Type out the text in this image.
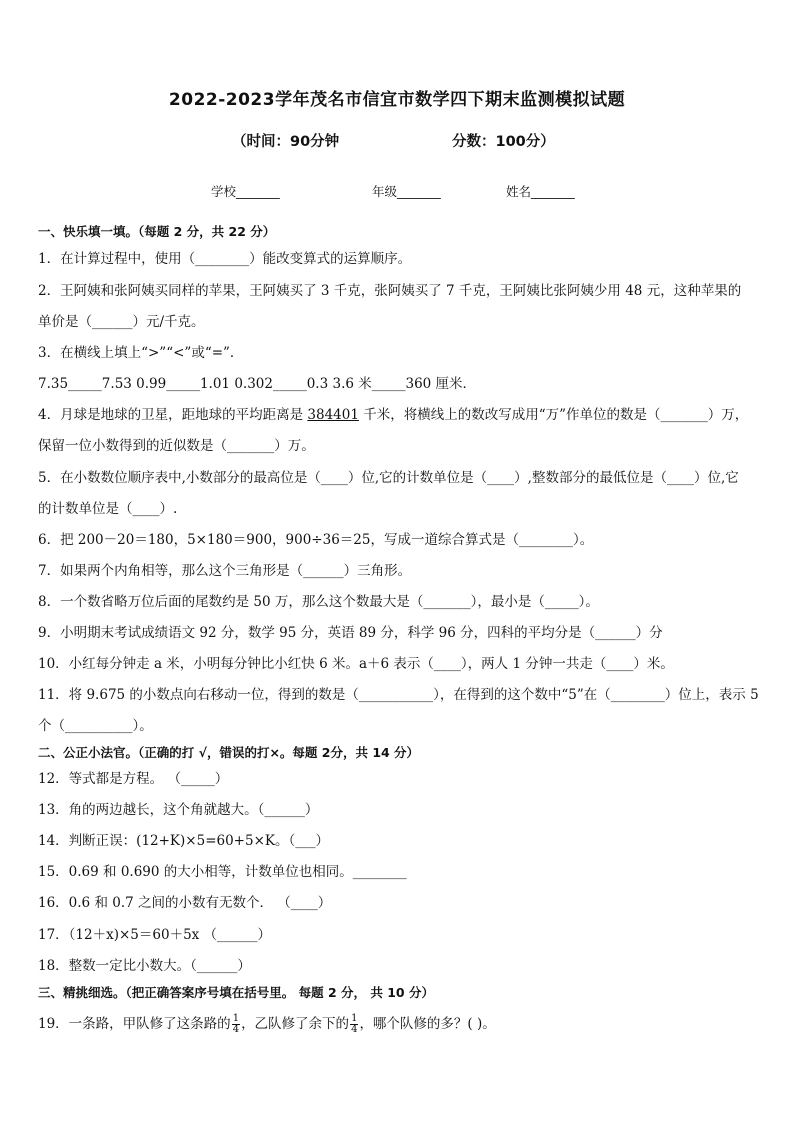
2022-2023学年茂名市信宜市数学四下期末监测模拟试题
（时间：90分钟	分数：100分）
学校_______	年级_______	姓名_______
一、快乐填一填。（每题 2 分，共 22 分）
1．在计算过程中，使用（________）能改变算式的运算顺序。
2．王阿姨和张阿姨买同样的苹果，王阿姨买了 3 千克，张阿姨买了 7 千克，王阿姨比张阿姨少用 48 元，这种苹果的
单价是（______）元/千克。
3．在横线上填上“>”“<”或“=”．
7.35_____7.53 0.99_____1.01 0.302_____0.3 3.6 米_____360 厘米．
4．月球是地球的卫星，距地球的平均距离是 384401 千米，将横线上的数改写成用“万”作单位的数是（_______）万，
保留一位小数得到的近似数是（_______）万。
5．在小数数位顺序表中,小数部分的最高位是（____）位,它的计数单位是（____）,整数部分的最低位是（____）位,它
的计数单位是（____）.
6．把 200－20＝180，5×180＝900，900÷36＝25，写成一道综合算式是（________）。
7．如果两个内角相等，那么这个三角形是（______）三角形。
8．一个数省略万位后面的尾数约是 50 万，那么这个数最大是（_______），最小是（_____）。
9．小明期末考试成绩语文 92 分，数学 95 分，英语 89 分，科学 96 分，四科的平均分是（______）分
10．小红每分钟走 a 米，小明每分钟比小红快 6 米。a＋6 表示（____），两人 1 分钟一共走（____）米。
11．将 9.675 的小数点向右移动一位，得到的数是（___________），在得到的这个数中“5”在（________）位上，表示 5
个（__________）。
二、公正小法官。（正确的打 √，错误的打×。每题 2分，共 14 分）
12．等式都是方程。 （_____）
13．角的两边越长，这个角就越大。（______）
14．判断正误：(12+K)×5=60+5×K。（___）
15．0.69 和 0.690 的大小相等，计数单位也相同。________
16．0.6 和 0.7 之间的小数有无数个． （____）
17．（12＋x)×5＝60＋5x （______）
18．整数一定比小数大。（______）
三、精挑细选。（把正确答案序号填在括号里。 每题 2 分， 共 10 分）
19．一条路，甲队修了这条路的 $\frac{1}{4}$ ，乙队修了余下的 $\frac{1}{4}$ ，哪个队修的多？( )。
